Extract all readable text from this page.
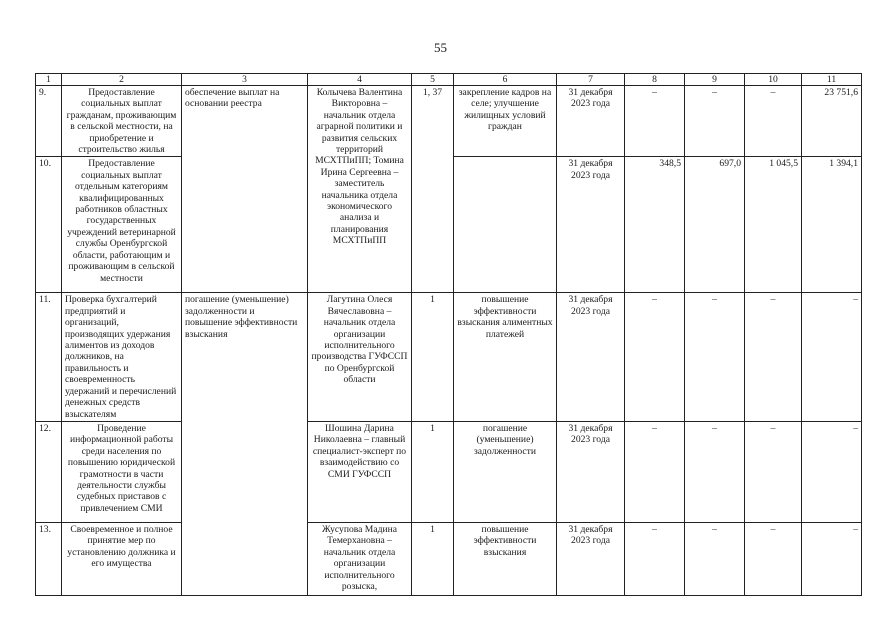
55
1	2	3	4	5	6	7	8	9	10	11
9.	Предоставление социальных выплат гражданам, проживающим в сельской местности, на приобретение и строительство жилья	обеспечение выплат на основании реестра	Колычева Валентина Викторовна – начальник отдела аграрной политики и развития сельских территорий МСХТПиПП; Томина Ирина Сергеевна – заместитель начальника отдела экономического анализа и планирования МСХТПиПП	1, 37	закрепление кадров на селе; улучшение жилищных условий граждан	31 декабря 2023 года	–	–	–	23 751,6
10.	Предоставление социальных выплат отдельным категориям квалифицированных работников областных государственных учреждений ветеринарной службы Оренбургской области, работающим и проживающим в сельской местности					31 декабря 2023 года	348,5	697,0	1 045,5	1 394,1
11.	Проверка бухгалтерий предприятий и организаций, производящих удержания алиментов из доходов должников, на правильность и своевременность удержаний и перечислений денежных средств взыскателям	погашение (уменьшение) задолженности и повышение эффективности взыскания	Лагутина Олеся Вячеславовна – начальник отдела организации исполнительного производства ГУФССП по Оренбургской области	1	повышение эффективности взыскания алиментных платежей	31 декабря 2023 года	–	–	–	–
12.	Проведение информационной работы среди населения по повышению юридической грамотности в части деятельности службы судебных приставов с привлечением СМИ		Шошина Дарина Николаевна – главный специалист-эксперт по взаимодействию со СМИ ГУФССП	1	погашение (уменьшение) задолженности	31 декабря 2023 года	–	–	–	–
13.	Своевременное и полное принятие мер по установлению должника и его имущества		Жусупова Мадина Темерхановна – начальник отдела организации исполнительного розыска,	1	повышение эффективности взыскания	31 декабря 2023 года	–	–	–	–
